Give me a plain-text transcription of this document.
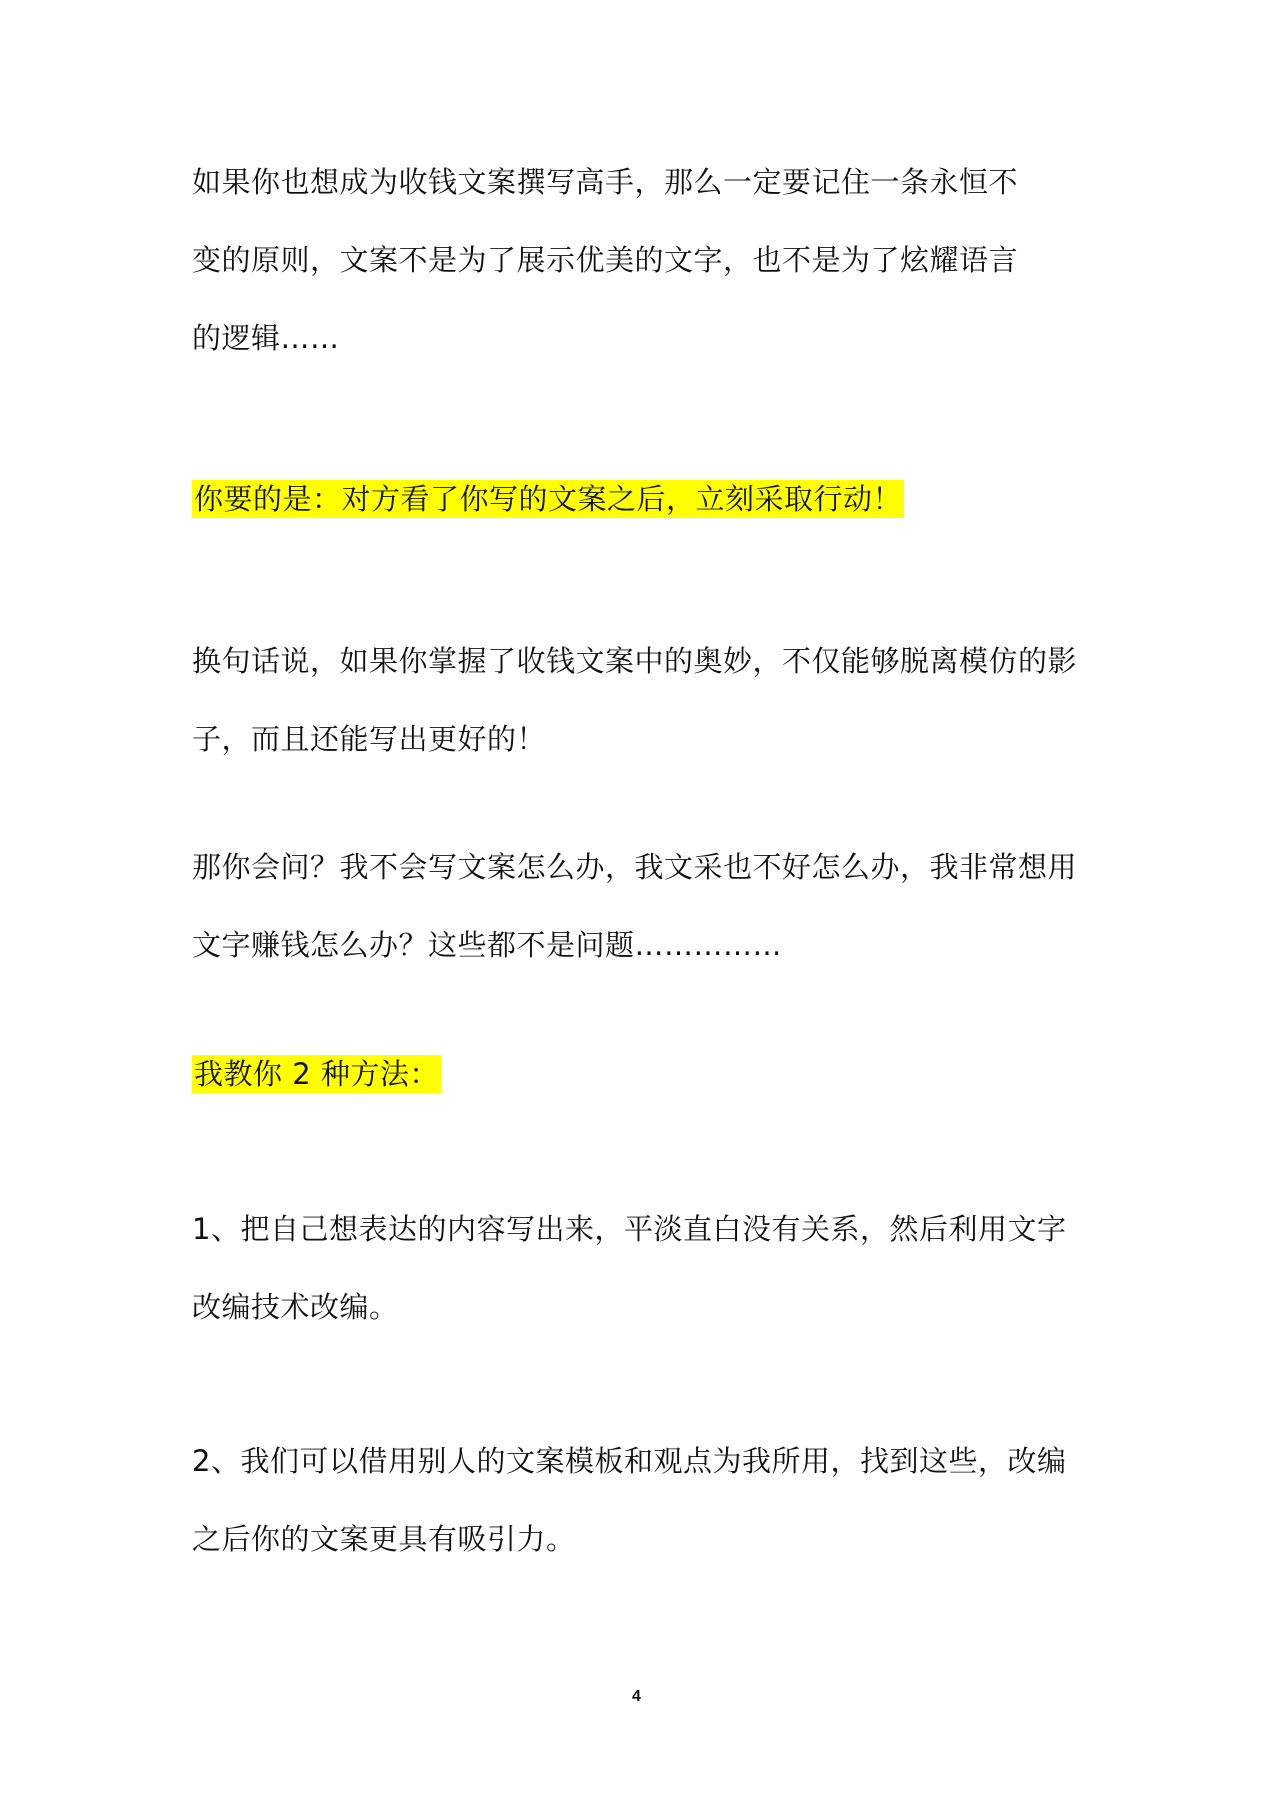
如果你也想成为收钱文案撰写高手，那么一定要记住一条永恒不
变的原则，文案不是为了展示优美的文字，也不是为了炫耀语言
的逻辑……
你要的是：对方看了你写的文案之后，立刻采取行动！
换句话说，如果你掌握了收钱文案中的奥妙，不仅能够脱离模仿的影
子，而且还能写出更好的！
那你会问？我不会写文案怎么办，我文采也不好怎么办，我非常想用
文字赚钱怎么办？这些都不是问题……………
我教你 2 种方法：
1、把自己想表达的内容写出来，平淡直白没有关系，然后利用文字
改编技术改编。
2、我们可以借用别人的文案模板和观点为我所用，找到这些，改编
之后你的文案更具有吸引力。
4
